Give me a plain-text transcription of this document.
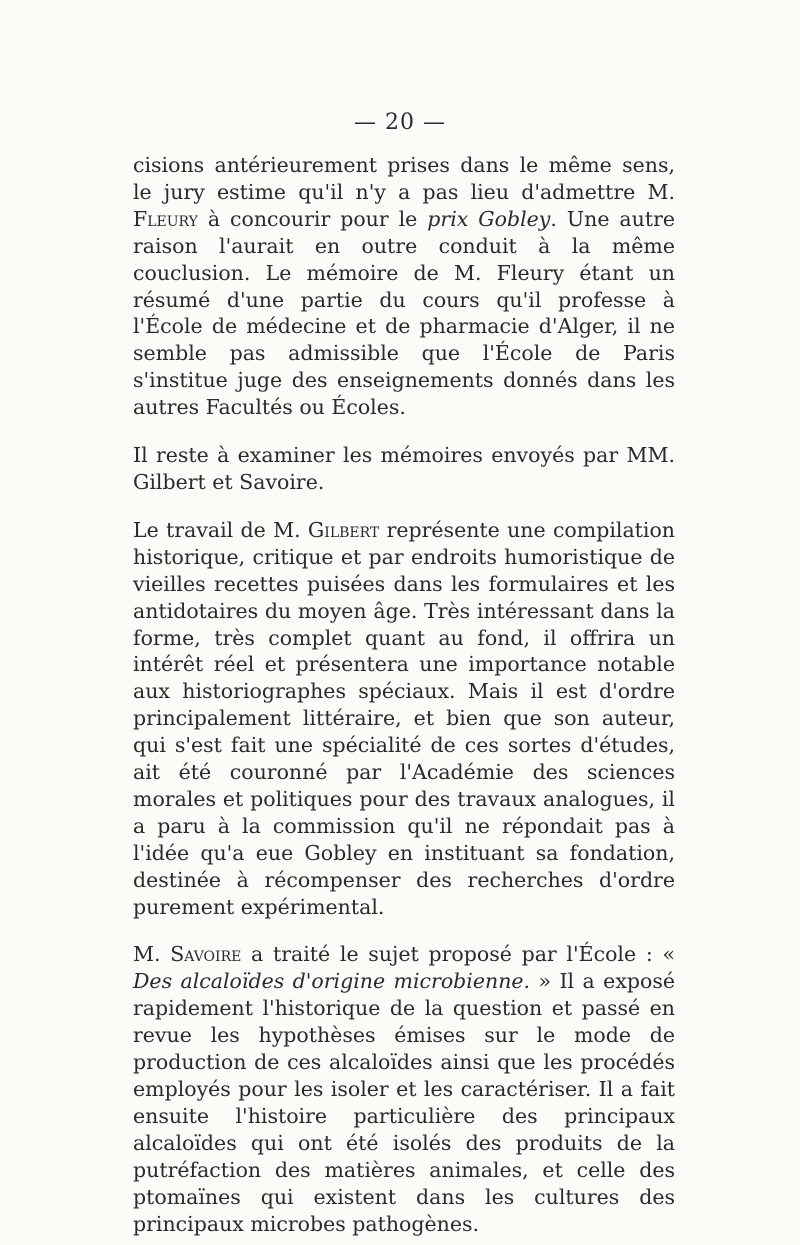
— 20 —

cisions antérieurement prises dans le même sens, le jury estime qu'il n'y a pas lieu d'admettre M. Fleury à concourir pour le prix Gobley. Une autre raison l'aurait en outre conduit à la même couclusion. Le mémoire de M. Fleury étant un résumé d'une partie du cours qu'il professe à l'École de médecine et de pharmacie d'Alger, il ne semble pas admissible que l'École de Paris s'institue juge des enseignements donnés dans les autres Facultés ou Écoles.

Il reste à examiner les mémoires envoyés par MM. Gilbert et Savoire.

Le travail de M. Gilbert représente une compilation historique, critique et par endroits humoristique de vieilles recettes puisées dans les formulaires et les antidotaires du moyen âge. Très intéressant dans la forme, très complet quant au fond, il offrira un intérêt réel et présentera une importance notable aux historiographes spéciaux. Mais il est d'ordre principalement littéraire, et bien que son auteur, qui s'est fait une spécialité de ces sortes d'études, ait été couronné par l'Académie des sciences morales et politiques pour des travaux analogues, il a paru à la commission qu'il ne répondait pas à l'idée qu'a eue Gobley en instituant sa fondation, destinée à récompenser des recherches d'ordre purement expérimental.

M. Savoire a traité le sujet proposé par l'École : « Des alcaloïdes d'origine microbienne. » Il a exposé rapidement l'historique de la question et passé en revue les hypothèses émises sur le mode de production de ces alcaloïdes ainsi que les procédés employés pour les isoler et les caractériser. Il a fait ensuite l'histoire particulière des principaux alcaloïdes qui ont été isolés des produits de la putréfaction des matières animales, et celle des ptomaïnes qui existent dans les cultures des principaux microbes pathogènes.
